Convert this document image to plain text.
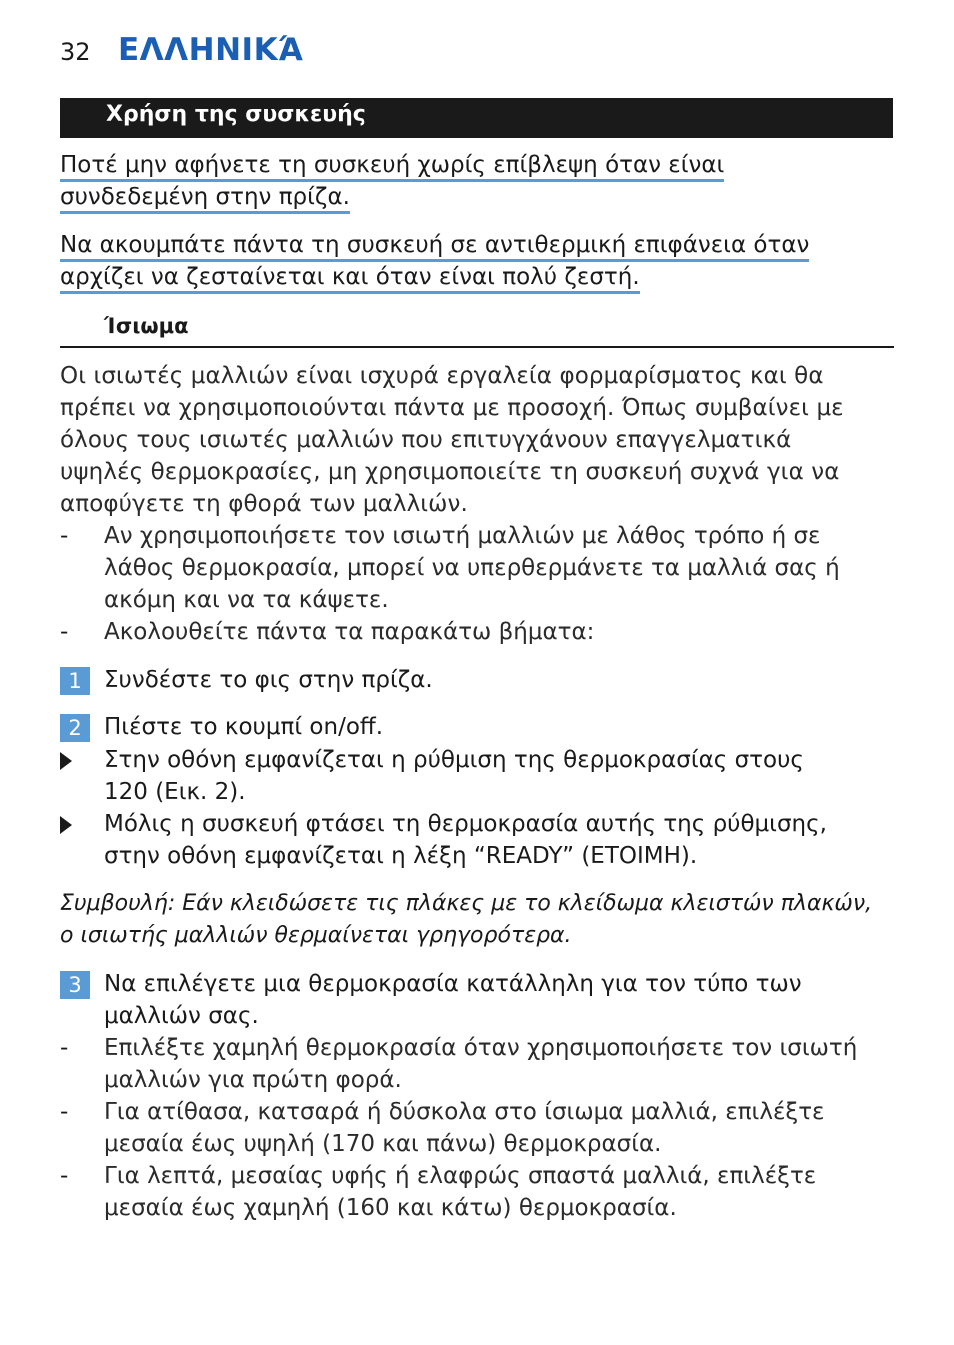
32 ΕΛΛΗΝΙΚΆ
Χρήση της συσκευής
Ποτέ μην αφήνετε τη συσκευή χωρίς επίβλεψη όταν είναι
συνδεδεμένη στην πρίζα.
Να ακουμπάτε πάντα τη συσκευή σε αντιθερμική επιφάνεια όταν
αρχίζει να ζεσταίνεται και όταν είναι πολύ ζεστή.
Ίσιωμα
Οι ισιωτές μαλλιών είναι ισχυρά εργαλεία φορμαρίσματος και θα
πρέπει να χρησιμοποιούνται πάντα με προσοχή. Όπως συμβαίνει με
όλους τους ισιωτές μαλλιών που επιτυγχάνουν επαγγελματικά
υψηλές θερμοκρασίες, μη χρησιμοποιείτε τη συσκευή συχνά για να
αποφύγετε τη φθορά των μαλλιών.
- Αν χρησιμοποιήσετε τον ισιωτή μαλλιών με λάθος τρόπο ή σε
λάθος θερμοκρασία, μπορεί να υπερθερμάνετε τα μαλλιά σας ή
ακόμη και να τα κάψετε.
- Ακολουθείτε πάντα τα παρακάτω βήματα:
1 Συνδέστε το φις στην πρίζα.
2 Πιέστε το κουμπί on/off.
Στην οθόνη εμφανίζεται η ρύθμιση της θερμοκρασίας στους
120 (Εικ. 2).
Μόλις η συσκευή φτάσει τη θερμοκρασία αυτής της ρύθμισης,
στην οθόνη εμφανίζεται η λέξη “READY” (ΕΤΟΙΜΗ).
Συμβουλή: Εάν κλειδώσετε τις πλάκες με το κλείδωμα κλειστών πλακών,
ο ισιωτής μαλλιών θερμαίνεται γρηγορότερα.
3 Να επιλέγετε μια θερμοκρασία κατάλληλη για τον τύπο των
μαλλιών σας.
- Επιλέξτε χαμηλή θερμοκρασία όταν χρησιμοποιήσετε τον ισιωτή
μαλλιών για πρώτη φορά.
- Για ατίθασα, κατσαρά ή δύσκολα στο ίσιωμα μαλλιά, επιλέξτε
μεσαία έως υψηλή (170 και πάνω) θερμοκρασία.
- Για λεπτά, μεσαίας υφής ή ελαφρώς σπαστά μαλλιά, επιλέξτε
μεσαία έως χαμηλή (160 και κάτω) θερμοκρασία.
